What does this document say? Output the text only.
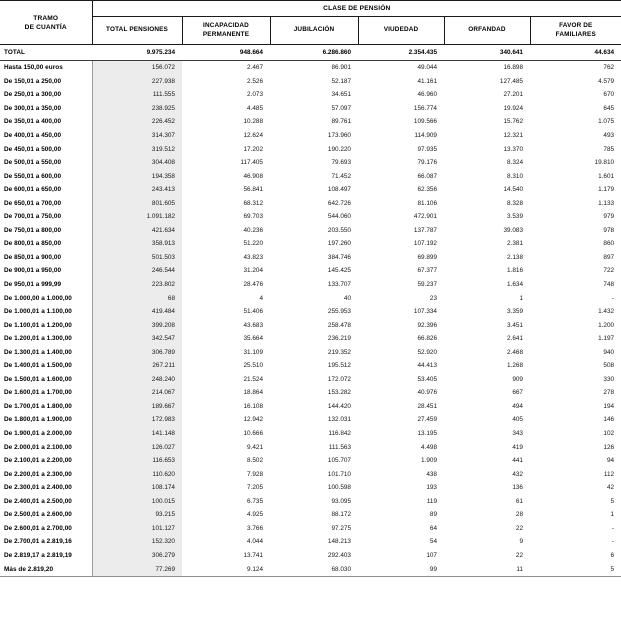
TRAMO
DE CUANTÍA	CLASE DE PENSIÓN					
	TOTAL PENSIONES	INCAPACIDAD
PERMANENTE	JUBILACIÓN	VIUDEDAD	ORFANDAD	FAVOR DE
FAMILIARES
TOTAL	9.975.234	948.664	6.286.860	2.354.435	340.641	44.634
Hasta 150,00 euros	156.072	2.467	86.901	49.044	16.898	762
De 150,01 a 250,00	227.938	2.526	52.187	41.161	127.485	4.579
De 250,01 a 300,00	111.555	2.073	34.651	46.960	27.201	670
De 300,01 a 350,00	238.925	4.485	57.097	156.774	19.924	645
De 350,01 a 400,00	226.452	10.288	89.761	109.566	15.762	1.075
De 400,01 a 450,00	314.307	12.624	173.960	114.909	12.321	493
De 450,01 a 500,00	319.512	17.202	190.220	97.935	13.370	785
De 500,01 a 550,00	304.408	117.405	79.693	79.176	8.324	19.810
De 550,01 a 600,00	194.358	46.908	71.452	66.087	8.310	1.601
De 600,01 a 650,00	243.413	56.841	108.497	62.356	14.540	1.179
De 650,01 a 700,00	801.605	68.312	642.726	81.106	8.328	1.133
De 700,01 a 750,00	1.091.182	69.703	544.060	472.901	3.539	979
De 750,01 a 800,00	421.634	40.236	203.550	137.787	39.083	978
De 800,01 a 850,00	358.913	51.220	197.260	107.192	2.381	860
De 850,01 a 900,00	501.503	43.823	384.746	69.899	2.138	897
De 900,01 a 950,00	246.544	31.204	145.425	67.377	1.816	722
De 950,01 a 999,99	223.802	28.476	133.707	59.237	1.634	748
De 1.000,00 a 1.000,00	68	4	40	23	1	-
De 1.000,01 a 1.100,00	419.484	51.406	255.953	107.334	3.359	1.432
De 1.100,01 a 1.200,00	399.208	43.683	258.478	92.396	3.451	1.200
De 1.200,01 a 1.300,00	342.547	35.664	236.219	66.826	2.641	1.197
De 1.300,01 a 1.400,00	306.789	31.109	219.352	52.920	2.468	940
De 1.400,01 a 1.500,00	267.211	25.510	195.512	44.413	1.268	508
De 1.500,01 a 1.600,00	248.240	21.524	172.072	53.405	909	330
De 1.600,01 a 1.700,00	214.067	18.864	153.282	40.976	667	278
De 1.700,01 a 1.800,00	189.667	16.108	144.420	28.451	494	194
De 1.800,01 a 1.900,00	172.983	12.942	132.031	27.459	405	146
De 1.900,01 a 2.000,00	141.148	10.666	116.842	13.195	343	102
De 2.000,01 a 2.100,00	126.027	9.421	111.563	4.498	419	126
De 2.100,01 a 2.200,00	116.653	8.502	105.707	1.909	441	94
De 2.200,01 a 2.300,00	110.620	7.928	101.710	438	432	112
De 2.300,01 a 2.400,00	108.174	7.205	100.598	193	136	42
De 2.400,01 a 2.500,00	100.015	6.735	93.095	119	61	5
De 2.500,01 a 2.600,00	93.215	4.925	88.172	89	28	1
De 2.600,01 a 2.700,00	101.127	3.766	97.275	64	22	-
De 2.700,01 a 2.819,16	152.320	4.044	148.213	54	9	-
De 2.819,17 a 2.819,19	306.279	13.741	292.403	107	22	6
Más de 2.819,20	77.269	9.124	68.030	99	11	5
